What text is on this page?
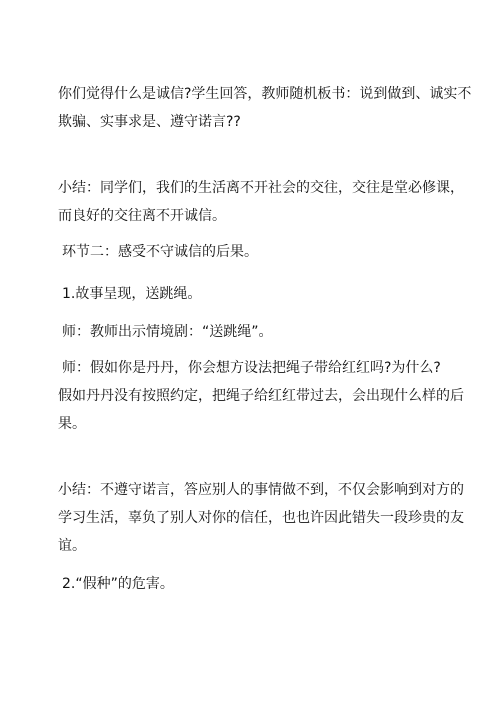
你们觉得什么是诚信?学生回答，教师随机板书：说到做到、诚实不
欺骗、实事求是、遵守诺言??

小结：同学们，我们的生活离不开社会的交往，交往是堂必修课，
而良好的交往离不开诚信。

环节二：感受不守诚信的后果。

1.故事呈现，送跳绳。

师：教师出示情境剧：“送跳绳”。

师：假如你是丹丹，你会想方设法把绳子带给红红吗?为什么?
假如丹丹没有按照约定，把绳子给红红带过去，会出现什么样的后
果。

小结：不遵守诺言，答应别人的事情做不到，不仅会影响到对方的
学习生活，辜负了别人对你的信任，也也许因此错失一段珍贵的友
谊。

2.“假种”的危害。
